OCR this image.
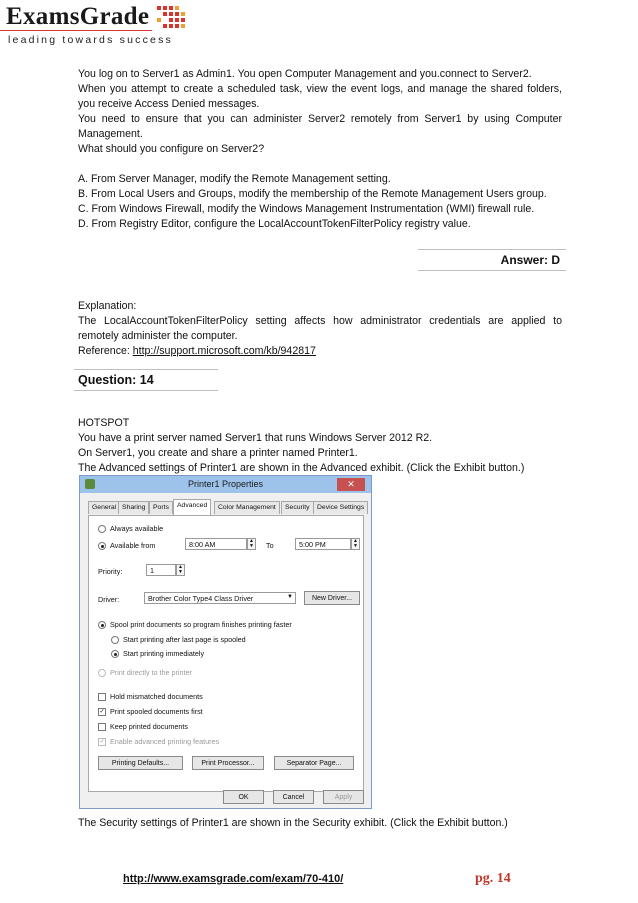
ExamsGrade
leading towards success

You log on to Server1 as Admin1. You open Computer Management and you.connect to Server2.

When you attempt to create a scheduled task, view the event logs, and manage the shared folders, you receive Access Denied messages.

You need to ensure that you can administer Server2 remotely from Server1 by using Computer Management.

What should you configure on Server2?

A. From Server Manager, modify the Remote Management setting.

B. From Local Users and Groups, modify the membership of the Remote Management Users group.

C. From Windows Firewall, modify the Windows Management Instrumentation (WMI) firewall rule.

D. From Registry Editor, configure the LocalAccountTokenFilterPolicy registry value.

Answer: D

Explanation:

The LocalAccountTokenFilterPolicy setting affects how administrator credentials are applied to remotely administer the computer.

Reference: http://support.microsoft.com/kb/942817

Question: 14

HOTSPOT

You have a print server named Server1 that runs Windows Server 2012 R2.

On Server1, you create and share a printer named Printer1.

The Advanced settings of Printer1 are shown in the Advanced exhibit. (Click the Exhibit button.)

Printer1 Properties	✕
General Sharing	Ports	Advanced	Color Management	Security	Device Settings
Always available
Available from	8:00 AM	▲
▼ To	5:00 PM	▲
▼
Priority:	1	▲
▼
Driver:	Brother Color Type4 Class Driver	▼	New Driver...
Spool print documents so program finishes printing faster
Start printing after last page is spooled
Start printing immediately
Print directly to the printer
Hold mismatched documents
✓ Print spooled documents first
Keep printed documents
✓ Enable advanced printing features
Printing Defaults...	Print Processor...	Separator Page...
OK	Cancel	Apply
The Security settings of Printer1 are shown in the Security exhibit. (Click the Exhibit button.)
http://www.examsgrade.com/exam/70-410/	pg. 14
